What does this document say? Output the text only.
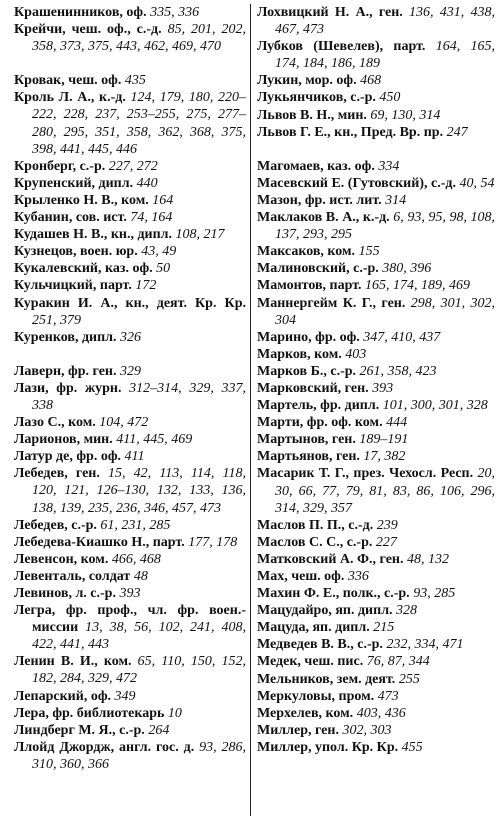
Крашенинников, оф. 335, 336
Крейчи, чеш. оф., с.-д. 85, 201, 202, 358, 373, 375, 443, 462, 469, 470
Кровак, чеш. оф. 435
Кроль Л. А., к.-д. 124, 179, 180, 220–222, 228, 237, 253–255, 275, 277–280, 295, 351, 358, 362, 368, 375, 398, 441, 445, 446
Кронберг, с.-р. 227, 272
Крупенский, дипл. 440
Крыленко Н. В., ком. 164
Кубанин, сов. ист. 74, 164
Кудашев Н. В., кн., дипл. 108, 217
Кузнецов, воен. юр. 43, 49
Кукалевский, каз. оф. 50
Кульчицкий, парт. 172
Куракин И. А., кн., деят. Кр. Кр. 251, 379
Куренков, дипл. 326
Лаверн, фр. ген. 329
Лази, фр. журн. 312–314, 329, 337, 338
Лазо С., ком. 104, 472
Ларионов, мин. 411, 445, 469
Латур де, фр. оф. 411
Лебедев, ген. 15, 42, 113, 114, 118, 120, 121, 126–130, 132, 133, 136, 138, 139, 235, 236, 346, 457, 473
Лебедев, с.-р. 61, 231, 285
Лебедева-Киашко Н., парт. 177, 178
Левенсон, ком. 466, 468
Левенталь, солдат 48
Левинов, л. с.-р. 393
Легра, фр. проф., чл. фр. воен.-миссии 13, 38, 56, 102, 241, 408, 422, 441, 443
Ленин В. И., ком. 65, 110, 150, 152, 182, 284, 329, 472
Лепарский, оф. 349
Лера, фр. библиотекарь 10
Линдберг М. Я., с.-р. 264
Ллойд Джордж, англ. гос. д. 93, 286, 310, 360, 366
Лохвицкий Н. А., ген. 136, 431, 438, 467, 473
Лубков (Шевелев), парт. 164, 165, 174, 184, 186, 189
Лукин, мор. оф. 468
Лукьянчиков, с.-р. 450
Львов В. Н., мин. 69, 130, 314
Львов Г. Е., кн., Пред. Вр. пр. 247
Магомаев, каз. оф. 334
Масевский Е. (Гутовский), с.-д. 40, 54
Мазон, фр. ист. лит. 314
Маклаков В. А., к.-д. 6, 93, 95, 98, 108, 137, 293, 295
Максаков, ком. 155
Малиновский, с.-р. 380, 396
Мамонтов, парт. 165, 174, 189, 469
Маннергейм К. Г., ген. 298, 301, 302, 304
Марино, фр. оф. 347, 410, 437
Марков, ком. 403
Марков Б., с.-р. 261, 358, 423
Марковский, ген. 393
Мартель, фр. дипл. 101, 300, 301, 328
Марти, фр. оф. ком. 444
Мартынов, ген. 189–191
Мартьянов, ген. 17, 382
Масарик Т. Г., през. Чехосл. Респ. 20, 30, 66, 77, 79, 81, 83, 86, 106, 296, 314, 329, 357
Маслов П. П., с.-д. 239
Маслов С. С., с.-р. 227
Матковский А. Ф., ген. 48, 132
Мах, чеш. оф. 336
Махин Ф. Е., полк., с.-р. 93, 285
Мацудайро, яп. дипл. 328
Мацуда, яп. дипл. 215
Медведев В. В., с.-р. 232, 334, 471
Медек, чеш. пис. 76, 87, 344
Мельников, зем. деят. 255
Меркуловы, пром. 473
Мерхелев, ком. 403, 436
Миллер, ген. 302, 303
Миллер, упол. Кр. Кр. 455
